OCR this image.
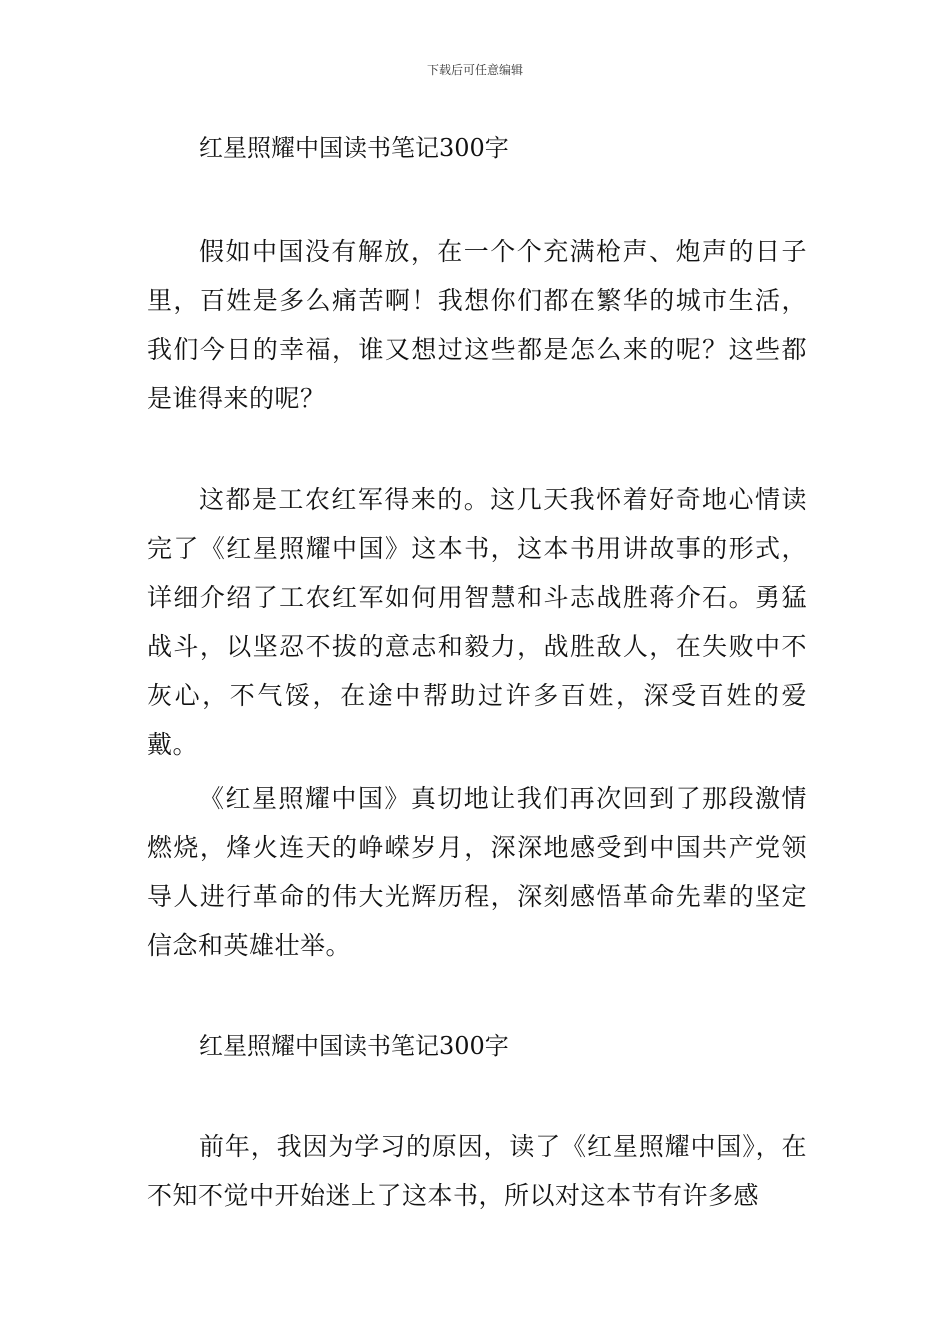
下载后可任意编辑

红星照耀中国读书笔记300字

假如中国没有解放，在一个个充满枪声、炮声的日子里，百姓是多么痛苦啊！我想你们都在繁华的城市生活，我们今日的幸福，谁又想过这些都是怎么来的呢？这些都是谁得来的呢？

这都是工农红军得来的。这几天我怀着好奇地心情读完了《红星照耀中国》这本书，这本书用讲故事的形式，详细介绍了工农红军如何用智慧和斗志战胜蒋介石。勇猛战斗，以坚忍不拔的意志和毅力，战胜敌人，在失败中不灰心，不气馁，在途中帮助过许多百姓，深受百姓的爱戴。

《红星照耀中国》真切地让我们再次回到了那段激情燃烧，烽火连天的峥嵘岁月，深深地感受到中国共产党领导人进行革命的伟大光辉历程，深刻感悟革命先辈的坚定信念和英雄壮举。

红星照耀中国读书笔记300字

前年，我因为学习的原因，读了《红星照耀中国》，在不知不觉中开始迷上了这本书，所以对这本节有许多感
